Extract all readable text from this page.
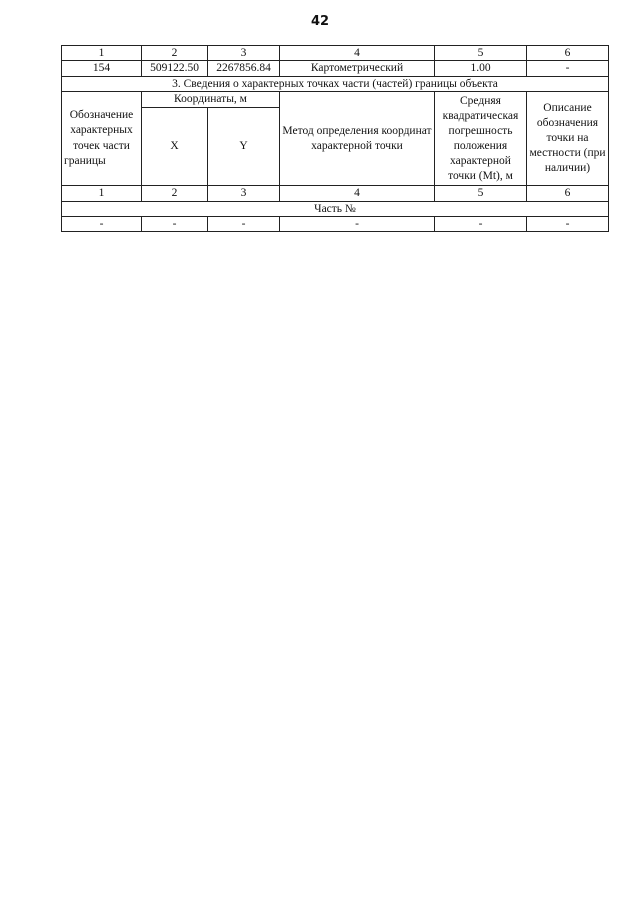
42
1	2	3	4	5	6
154	509122.50	2267856.84	Картометрический	1.00	-
3. Сведения о характерных точках части (частей) границы объекта					
Обозначение характерных точек части границы	Координаты, м		Метод определения координат характерной точки	Средняя квадратическая погрешность положения характерной точки (Mt), м	Описание обозначения точки на местности (при наличии)
	X	Y			
1	2	3	4	5	6
Часть №					
-	-	-	-	-	-
